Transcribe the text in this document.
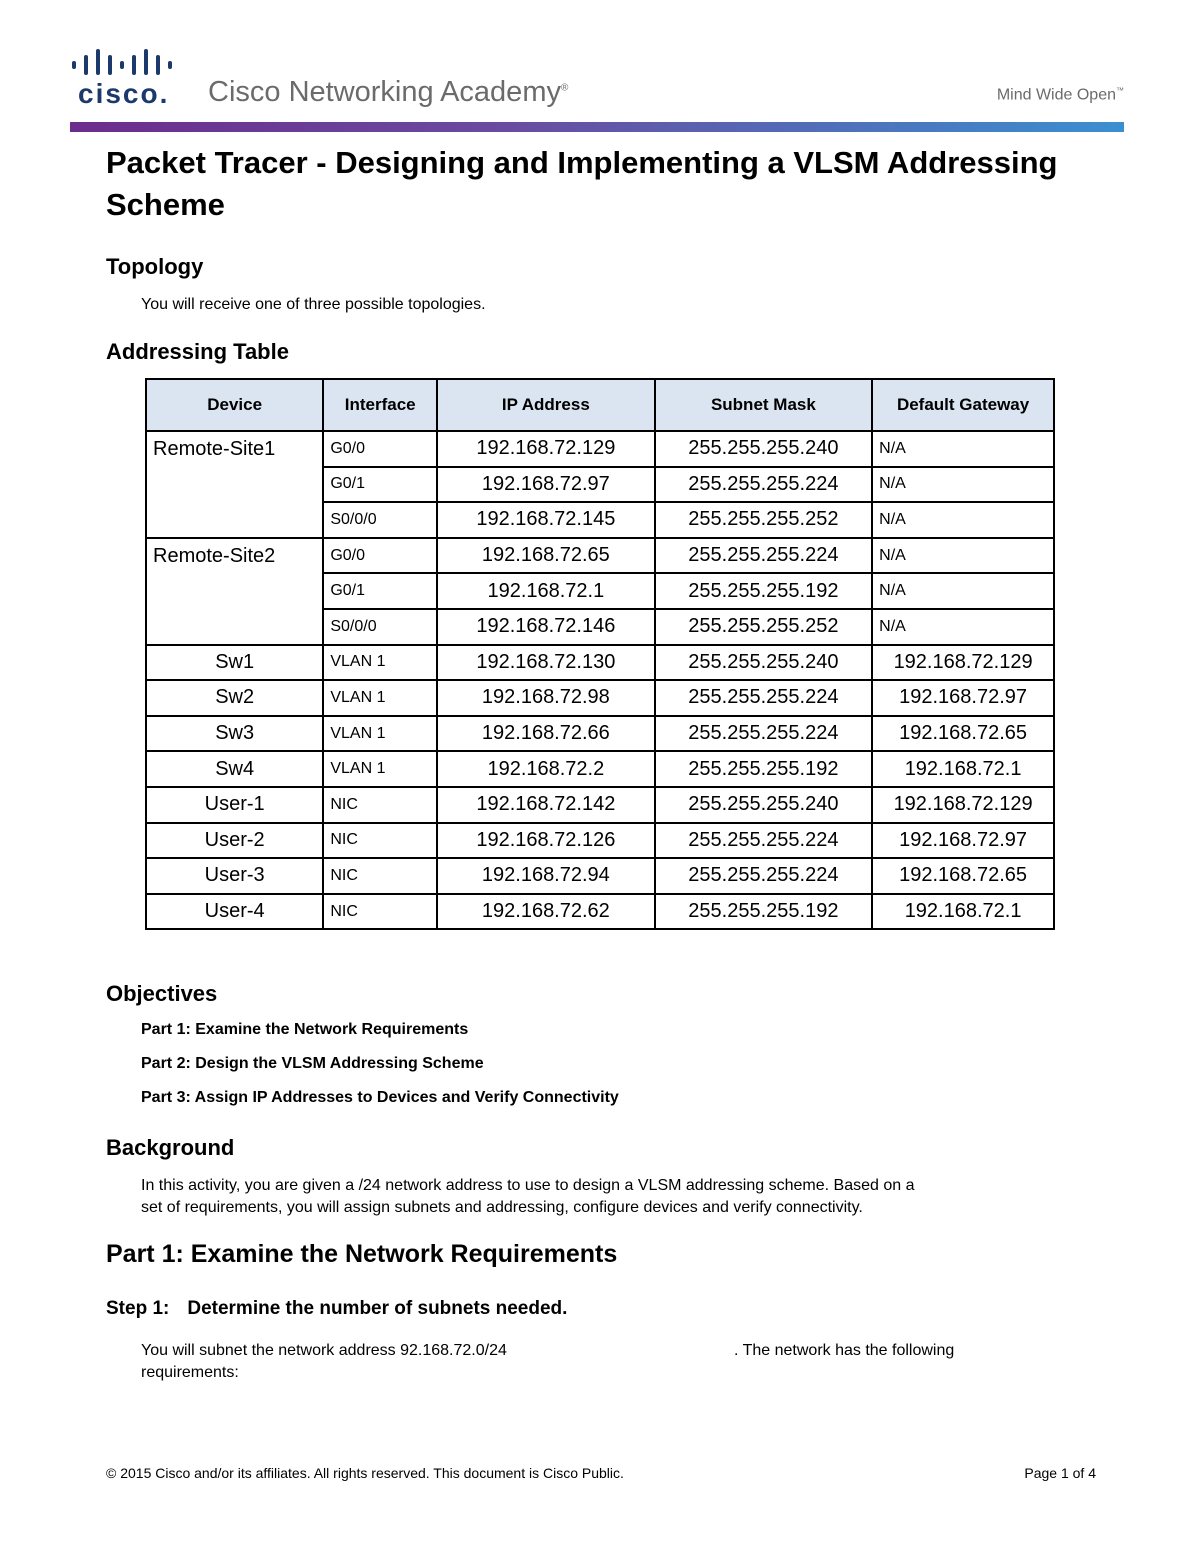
cisco. Cisco Networking Academy®	Mind Wide Open™
Packet Tracer - Designing and Implementing a VLSM Addressing Scheme
Topology

You will receive one of three possible topologies.

Addressing Table
Device	Interface	IP Address	Subnet Mask	Default Gateway
Remote-Site1	G0/0	192.168.72.129	255.255.255.240	N/A
	G0/1	192.168.72.97	255.255.255.224	N/A
	S0/0/0	192.168.72.145	255.255.255.252	N/A
Remote-Site2	G0/0	192.168.72.65	255.255.255.224	N/A
	G0/1	192.168.72.1	255.255.255.192	N/A
	S0/0/0	192.168.72.146	255.255.255.252	N/A
Sw1	VLAN 1	192.168.72.130	255.255.255.240	192.168.72.129
Sw2	VLAN 1	192.168.72.98	255.255.255.224	192.168.72.97
Sw3	VLAN 1	192.168.72.66	255.255.255.224	192.168.72.65
Sw4	VLAN 1	192.168.72.2	255.255.255.192	192.168.72.1
User-1	NIC	192.168.72.142	255.255.255.240	192.168.72.129
User-2	NIC	192.168.72.126	255.255.255.224	192.168.72.97
User-3	NIC	192.168.72.94	255.255.255.224	192.168.72.65
User-4	NIC	192.168.72.62	255.255.255.192	192.168.72.1
Objectives

Part 1: Examine the Network Requirements

Part 2: Design the VLSM Addressing Scheme

Part 3: Assign IP Addresses to Devices and Verify Connectivity

Background

In this activity, you are given a /24 network address to use to design a VLSM addressing scheme. Based on a

set of requirements, you will assign subnets and addressing, configure devices and verify connectivity.

Part 1: Examine the Network Requirements
Step 1: Determine the number of subnets needed.

You will subnet the network address 92.168.72.0/24	. The network has the following

requirements:

© 2015 Cisco and/or its affiliates. All rights reserved. This document is Cisco Public.	Page 1 of 4
